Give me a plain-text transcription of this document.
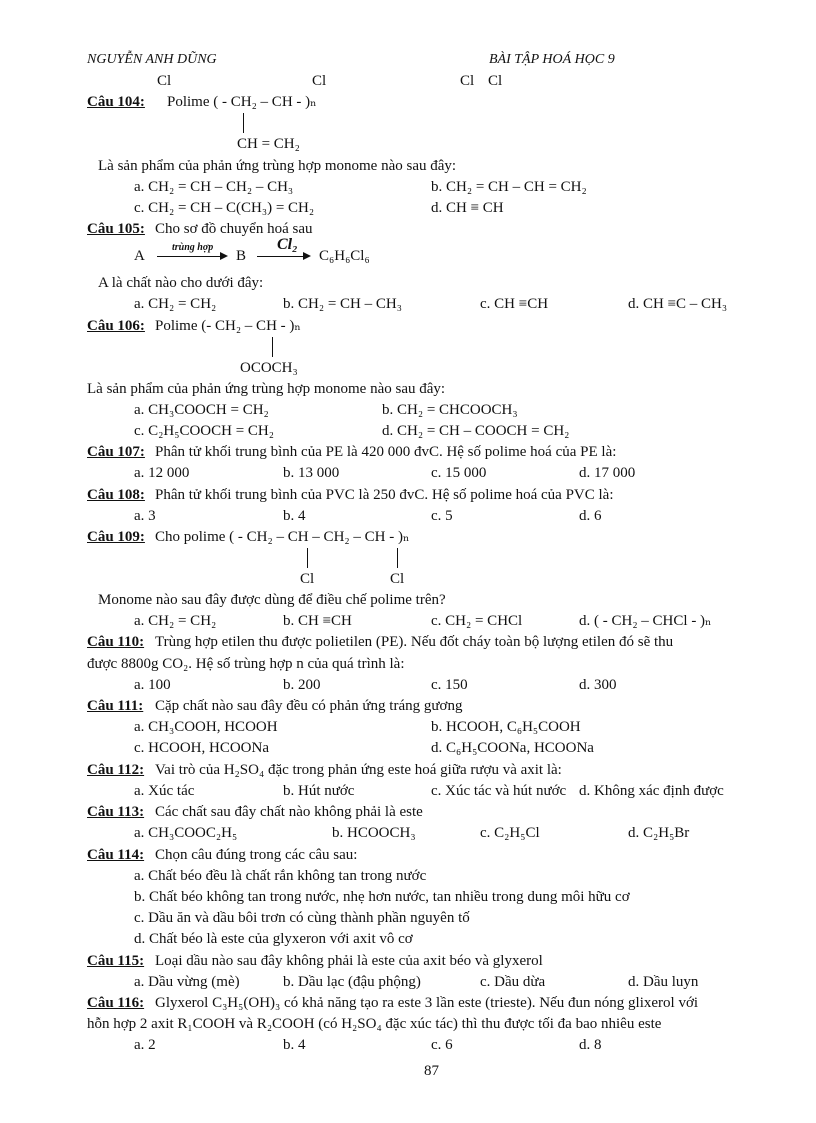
NGUYỄN ANH DŨNG	BÀI TẬP HOÁ HỌC 9
Cl	Cl	Cl Cl
Câu 104: Polime ( - CH₂ – CH - )ₙ
CH = CH₂
Là sản phẩm của phản ứng trùng hợp monome nào sau đây:
a. CH₂ = CH – CH₂ – CH₃	b. CH₂ = CH – CH = CH₂
c. CH₂ = CH – C(CH₃) = CH₂	d. CH ≡ CH
Câu 105: Cho sơ đồ chuyển hoá sau
A
trùng hợp
B
Cl₂
→ C₆H₆Cl₆
A là chất nào cho dưới đây:
a. CH₂ = CH₂	b. CH₂ = CH – CH₃	c. CH ≡CH	d. CH ≡C – CH₃
Câu 106: Polime (- CH₂ – CH - )ₙ
OCOCH₃
Là sản phẩm của phản ứng trùng hợp monome nào sau đây:
a. CH₃COOCH = CH₂	b. CH₂ = CHCOOCH₃
c. C₂H₅COOCH = CH₂	d. CH₂ = CH – COOCH = CH₂
Câu 107: Phân tử khối trung bình của PE là 420 000 đvC. Hệ số polime hoá của PE là:
a. 12 000	b. 13 000	c. 15 000	d. 17 000
Câu 108: Phân tử khối trung bình của PVC là 250 đvC. Hệ số polime hoá của PVC là:
a. 3	b. 4	c. 5	d. 6
Câu 109: Cho polime ( - CH₂ – CH – CH₂ – CH - )ₙ
Cl	Cl
Monome nào sau đây được dùng để điều chế polime trên?
a. CH₂ = CH₂	b. CH ≡CH	c. CH₂ = CHCl	d. ( - CH₂ – CHCl - )ₙ
Câu 110: Trùng hợp etilen thu được polietilen (PE). Nếu đốt cháy toàn bộ lượng etilen đó sẽ thu
được 8800g CO₂. Hệ số trùng hợp n của quá trình là:
a. 100	b. 200	c. 150	d. 300
Câu 111: Cặp chất nào sau đây đều có phản ứng tráng gương
a. CH₃COOH, HCOOH	b. HCOOH, C₆H₅COOH
c. HCOOH, HCOONa	d. C₆H₅COONa, HCOONa
Câu 112: Vai trò của H₂SO₄ đặc trong phản ứng este hoá giữa rượu và axit là:
a. Xúc tác	b. Hút nước	c. Xúc tác và hút nước d. Không xác định được
Câu 113: Các chất sau đây chất nào không phải là este
a. CH₃COOC₂H₅	b. HCOOCH₃	c. C₂H₅Cl	d. C₂H₅Br
Câu 114: Chọn câu đúng trong các câu sau:
a. Chất béo đều là chất rắn không tan trong nước
b. Chất béo không tan trong nước, nhẹ hơn nước, tan nhiều trong dung môi hữu cơ
c. Dầu ăn và dầu bôi trơn có cùng thành phần nguyên tố
d. Chất béo là este của glyxeron với axit vô cơ
Câu 115: Loại dầu nào sau đây không phải là este của axit béo và glyxerol
a. Dầu vừng (mè)	b. Dầu lạc (đậu phộng)	c. Dầu dừa	d. Dầu luyn
Câu 116: Glyxerol C₃H₅(OH)₃ có khả năng tạo ra este 3 lần este (trieste). Nếu đun nóng glixerol với
hỗn hợp 2 axit R₁COOH và R₂COOH (có H₂SO₄ đặc xúc tác) thì thu được tối đa bao nhiêu este
a. 2	b. 4	c. 6	d. 8
87
